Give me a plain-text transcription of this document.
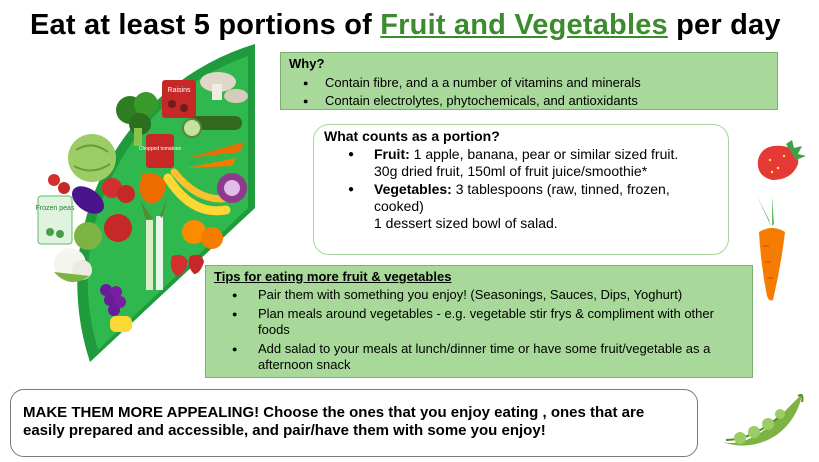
Raisins
Chopped tomatoes
Frozen peas
Eat at least 5 portions of Fruit and Vegetables per day
Why?
● Contain fibre, and a a number of vitamins and minerals
● Contain electrolytes, phytochemicals, and antioxidants
What counts as a portion?
● Fruit: 1 apple, banana, pear or similar sized fruit.
30g dried fruit, 150ml of fruit juice/smoothie*
● Vegetables: 3 tablespoons (raw, tinned, frozen, cooked)
1 dessert sized bowl of salad.
Tips for eating more fruit & vegetables
● Pair them with something you enjoy! (Seasonings, Sauces, Dips, Yoghurt)
● Plan meals around vegetables - e.g. vegetable stir frys & compliment with other foods
● Add salad to your meals at lunch/dinner time or have some fruit/vegetable as a afternoon snack
MAKE THEM MORE APPEALING! Choose the ones that you enjoy eating , ones that are easily prepared and accessible, and pair/have them with some you enjoy!
